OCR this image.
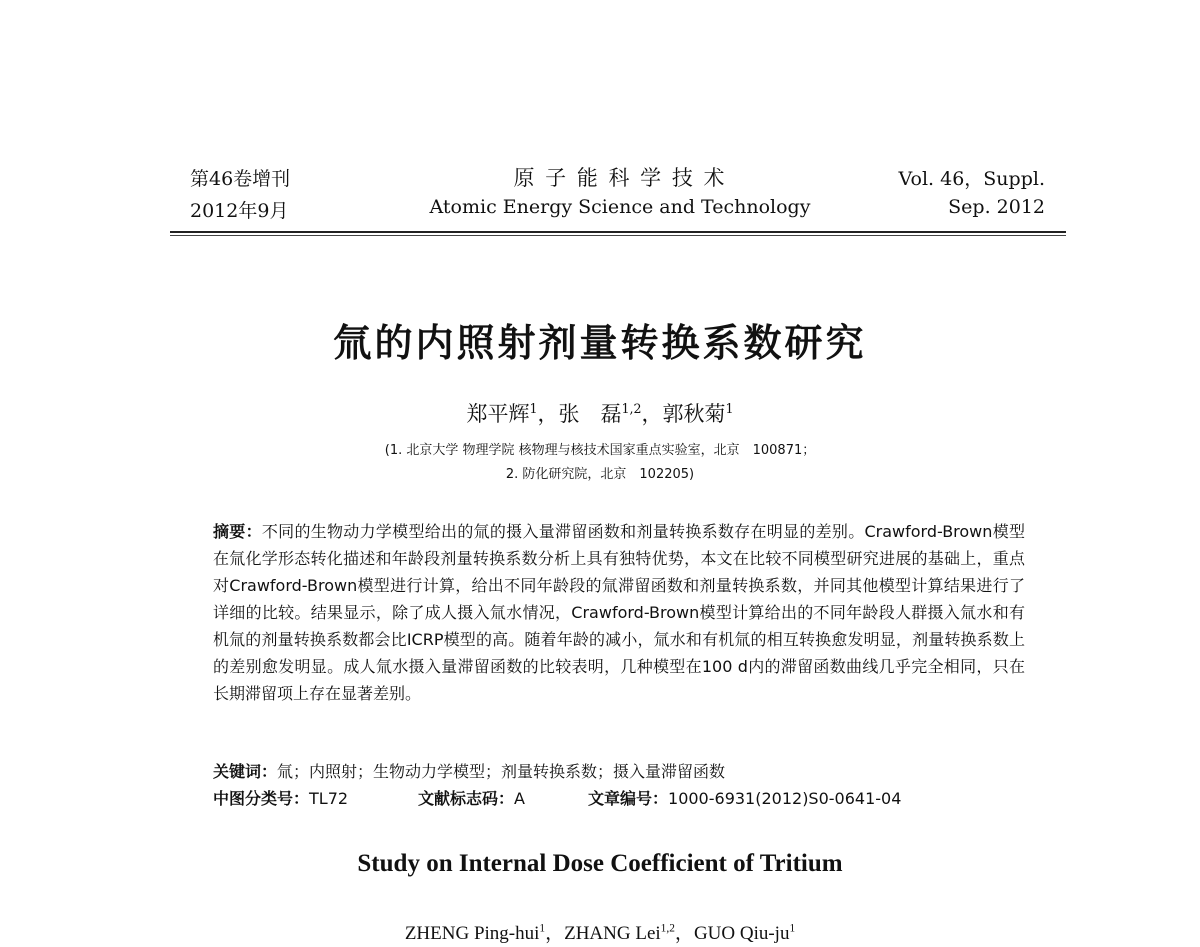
第46卷增刊
2012年9月
原 子 能 科 学 技 术
Atomic Energy Science and Technology
Vol. 46，Suppl.
Sep. 2012
氚的内照射剂量转换系数研究
郑平辉$^1$，张　磊$^{1,2}$，郭秋菊$^1$
(1. 北京大学 物理学院 核物理与核技术国家重点实验室，北京　100871；
2. 防化研究院，北京　102205)
摘要：不同的生物动力学模型给出的氚的摄入量滞留函数和剂量转换系数存在明显的差别。Crawford-Brown模型在氚化学形态转化描述和年龄段剂量转换系数分析上具有独特优势，本文在比较不同模型研究进展的基础上，重点对Crawford-Brown模型进行计算，给出不同年龄段的氚滞留函数和剂量转换系数，并同其他模型计算结果进行了详细的比较。结果显示，除了成人摄入氚水情况，Crawford-Brown模型计算给出的不同年龄段人群摄入氚水和有机氚的剂量转换系数都会比ICRP模型的高。随着年龄的减小，氚水和有机氚的相互转换愈发明显，剂量转换系数上的差别愈发明显。成人氚水摄入量滞留函数的比较表明，几种模型在100 d内的滞留函数曲线几乎完全相同，只在长期滞留项上存在显著差别。
关键词：氚；内照射；生物动力学模型；剂量转换系数；摄入量滞留函数
中图分类号：TL72	文献标志码：A	文章编号：1000-6931(2012)S0-0641-04
Study on Internal Dose Coefficient of Tritium
ZHENG Ping-hui$^1$，ZHANG Lei$^{1,2}$，GUO Qiu-$ju^1$
